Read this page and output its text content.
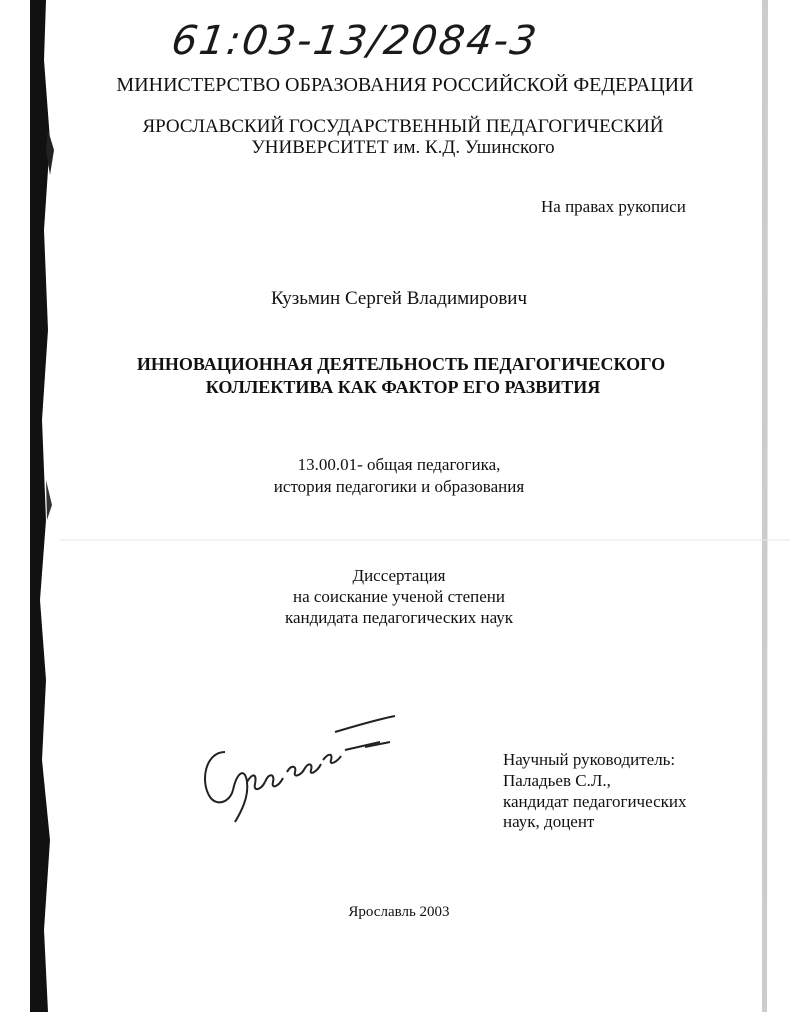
61:03-13/2084-3
МИНИСТЕРСТВО ОБРАЗОВАНИЯ РОССИЙСКОЙ ФЕДЕРАЦИИ
ЯРОСЛАВСКИЙ ГОСУДАРСТВЕННЫЙ ПЕДАГОГИЧЕСКИЙ
УНИВЕРСИТЕТ им. К.Д. Ушинского
На правах рукописи
Кузьмин Сергей Владимирович
ИННОВАЦИОННАЯ ДЕЯТЕЛЬНОСТЬ ПЕДАГОГИЧЕСКОГО
КОЛЛЕКТИВА КАК ФАКТОР ЕГО РАЗВИТИЯ
13.00.01- общая педагогика,
история педагогики и образования
Диссертация
на соискание ученой степени
кандидата педагогических наук
Научный руководитель:
Паладьев С.Л.,
кандидат педагогических
наук, доцент
Ярославль 2003
